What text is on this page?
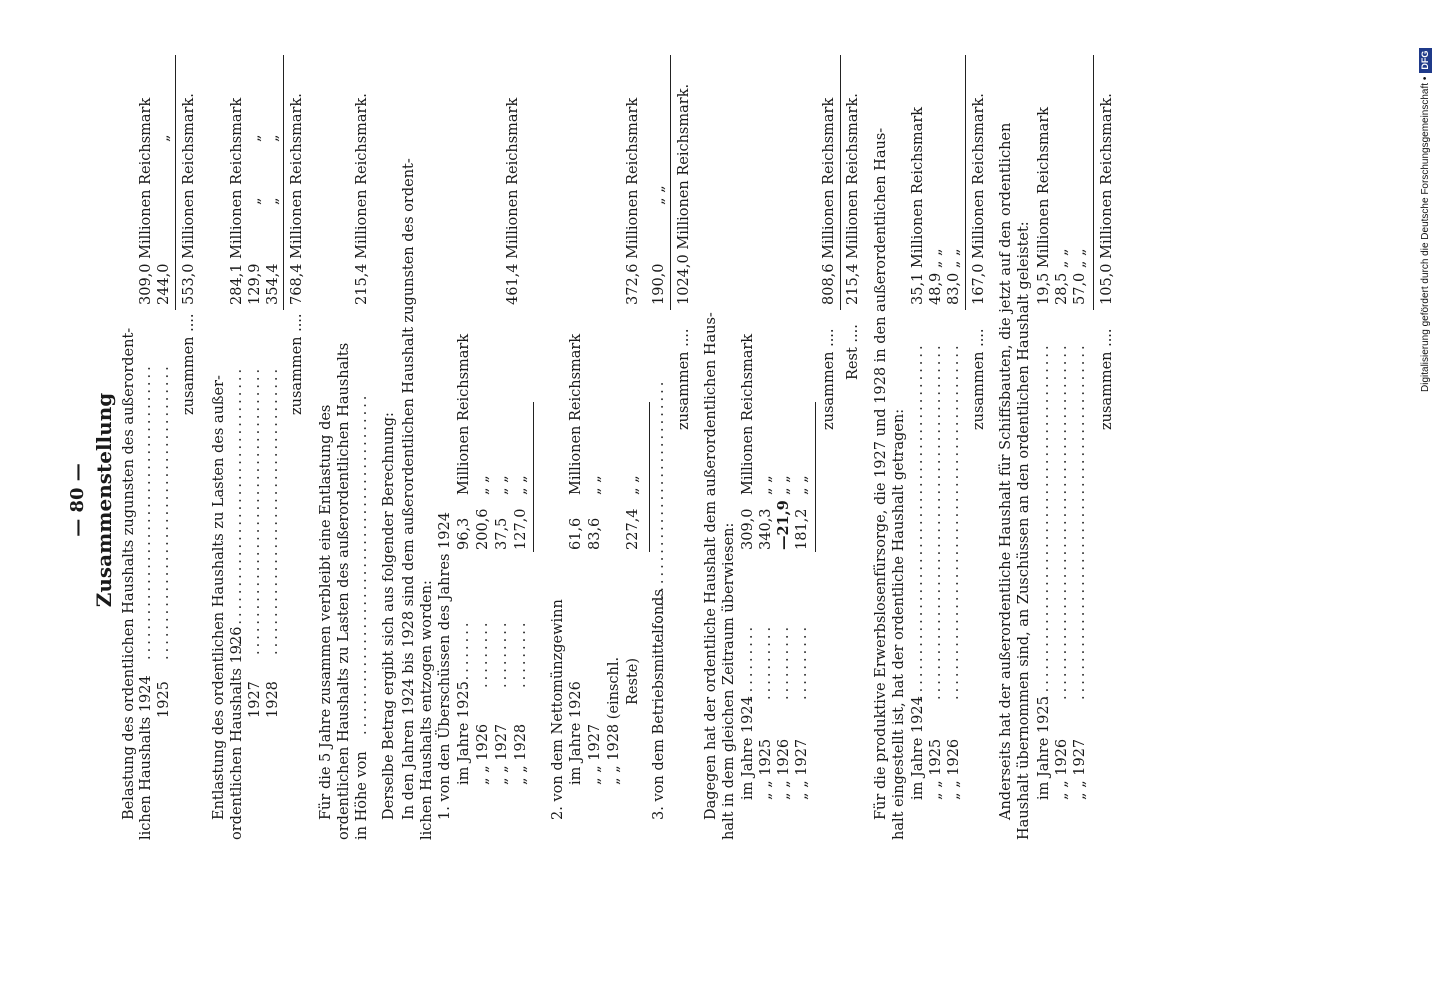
— 80 — Zusammenstellung Belastung des ordentlichen Haushalts zugunsten des außerordent- lichen Haushalts 1924 1925
....................................... .......................................
309,0 Millionen Reichsmark 244,0
„
zusammen ....
553,0 Millionen Reichsmark.
Entlastung des ordentlichen Haushalts zu Lasten des außer- ordentlichen Haushalts 1926 1927 1928
...................................... ...................................... ......................................
284,1 Millionen Reichsmark 129,9 354,4
„
„
„
„
zusammen ....
768,4 Millionen Reichsmark.
Für die 5 Jahre zusammen verbleibt eine Entlastung des ordentlichen Haushalts zu Lasten des außerordentlichen Haushalts in Höhe von
.............................................
215,4 Millionen Reichsmark.
Derselbe Betrag ergibt sich aus folgender Berechnung: In den Jahren 1924 bis 1928 sind dem außerordentlichen Haushalt zugunsten des ordent- lichen Haushalts entzogen worden: 1. von den Überschüssen des Jahres 1924
461,4 Millionen Reichsmark
2. von dem Nettomünzgewinn
372,6 Millionen Reichsmark
3. von dem Betriebsmittelfonds
...................................
190,0
„ „
zusammen ....
1024,0 Millionen Reichsmark.
Dagegen hat der ordentliche Haushalt dem außerordentlichen Haus- halt in dem gleichen Zeitraum überwiesen:
zusammen ....
808,6 Millionen Reichsmark
Rest ....
215,4 Millionen Reichsmark. Für die produktive Erwerbslosenfürsorge, die 1927 und 1928 in den außerordentlichen Haus- halt eingestellt ist, hat der ordentliche Haushalt getragen:
zusammen ....
167,0 Millionen Reichsmark. Anderseits hat der außerordentliche Haushalt für Schiffsbauten, die jetzt auf den ordentlichen Haushalt übernommen sind, an Zuschüssen an den ordentlichen Haushalt geleistet:	zusammen ....
105,0 Millionen Reichsmark.
im Jahre 1925
.........
96,3
Millionen Reichsmark
„ „ 1926
.........
200,6
„ „
„ „ 1927
.........
37,5
„ „
„ „ 1928
.........
127,0
„ „
im Jahre 1926
61,6
Millionen Reichsmark
„ „ 1927
83,6
„ „
„ „ 1928 (einschl. Reste)
227,4
„ „
im Jahre 1924
..........
309,0
Millionen Reichsmark
„ „ 1925
..........
340,3
„ „
„ „ 1926
..........
—21,9
„ „
„ „ 1927
..........
181,2
„ „
im Jahre 1924
...............................................
35,1 Millionen Reichsmark
„ „ 1925
...............................................
48,9 „ „
„ „ 1926
...............................................
83,0 „ „
im Jahre 1925
...............................................
19,5 Millionen Reichsmark
„ „ 1926
...............................................
28,5 „ „
„ „ 1927
...............................................
57,0 „ „	Digitalisierung gefördert durch die Deutsche Forschungsgemeinschaft •DFG
